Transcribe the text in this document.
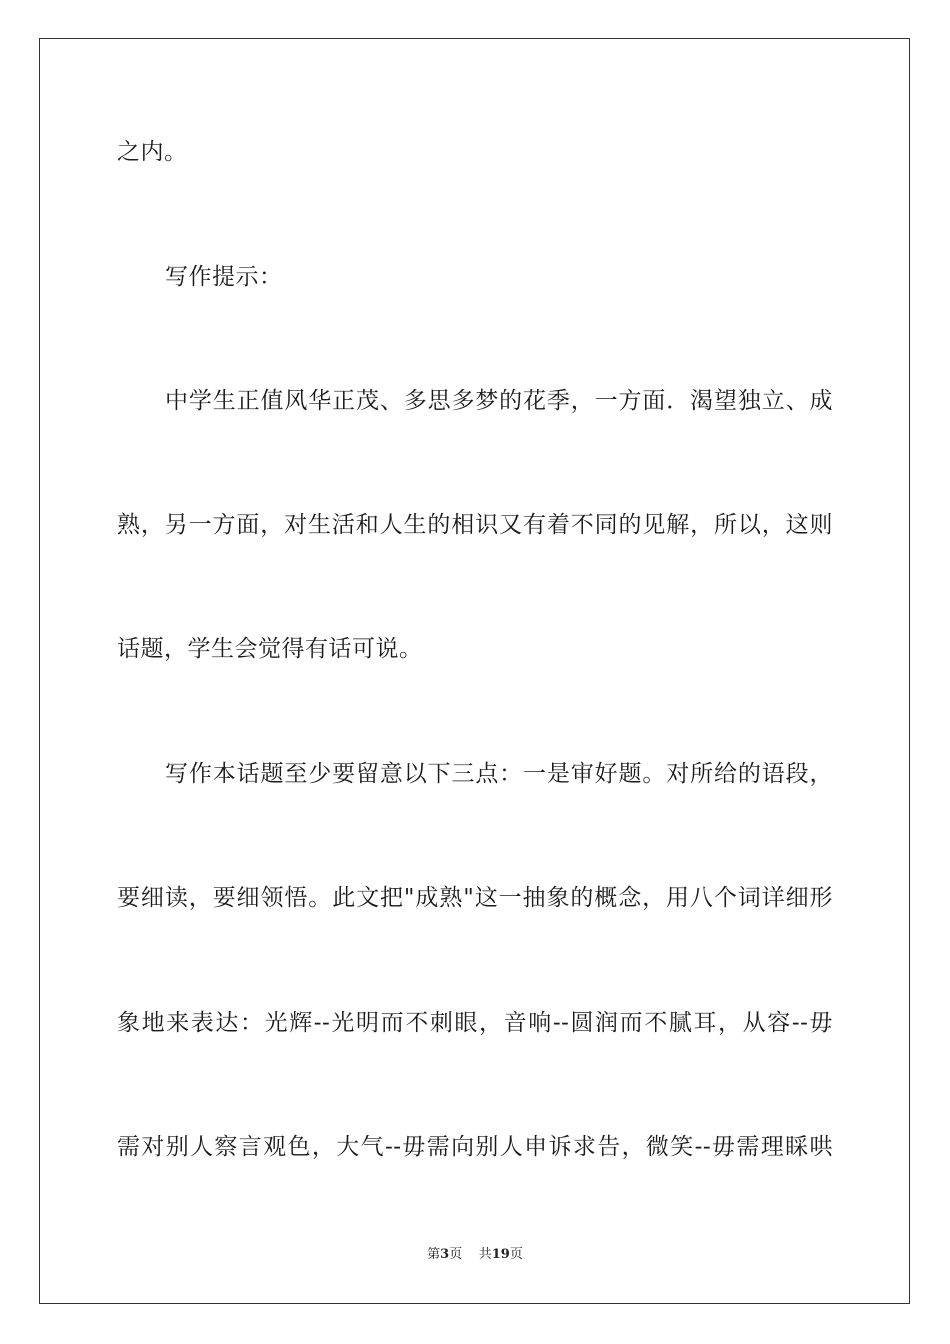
之内。
写作提示：
中学生正值风华正茂、多思多梦的花季，一方面．渴望独立、成
熟，另一方面，对生活和人生的相识又有着不同的见解，所以，这则
话题，学生会觉得有话可说。
写作本话题至少要留意以下三点：一是审好题。对所给的语段，
要细读，要细领悟。此文把"成熟"这一抽象的概念，用八个词详细形
象地来表达：光辉--光明而不刺眼，音响--圆润而不腻耳，从容--毋
需对别人察言观色，大气--毋需向别人申诉求告，微笑--毋需理睬哄
第3页 共19页
